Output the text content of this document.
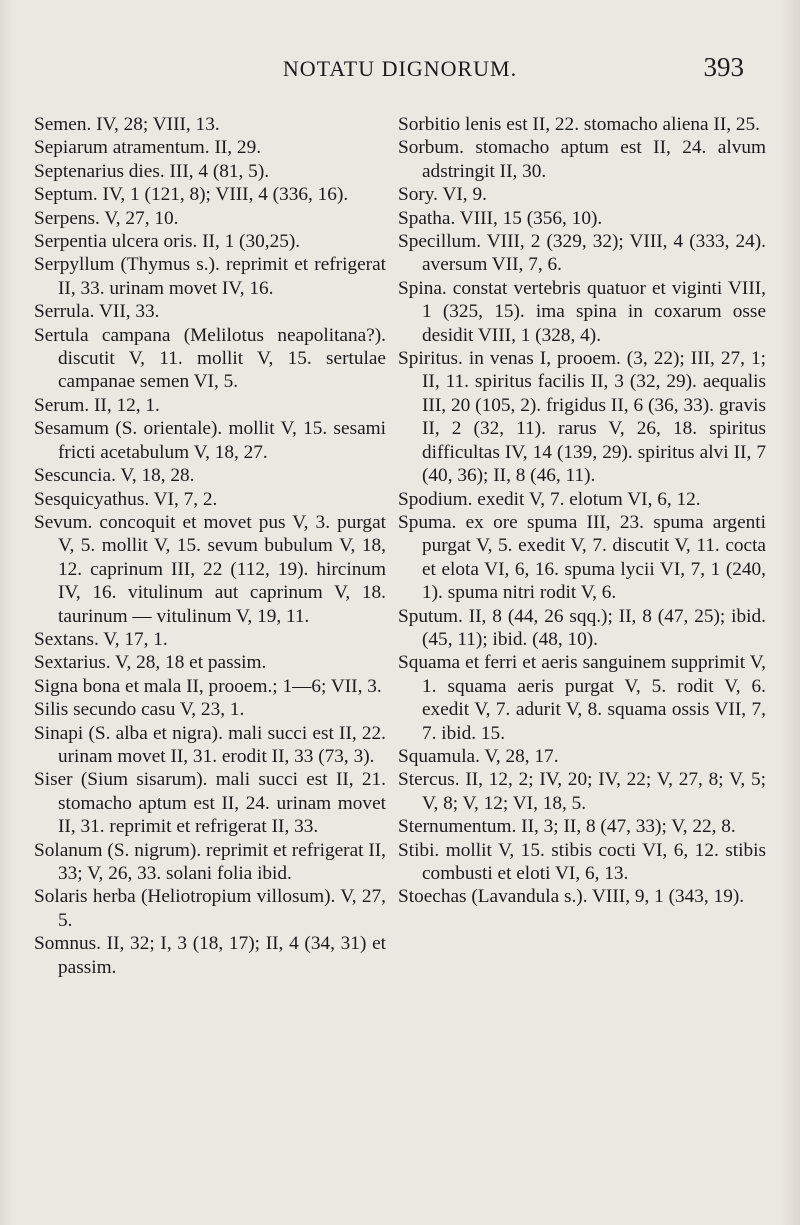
NOTATU DIGNORUM.	393

Semen. IV, 28; VIII, 13.

Sepiarum atramentum. II, 29.

Septenarius dies. III, 4 (81, 5).

Septum. IV, 1 (121, 8); VIII, 4 (336, 16).

Serpens. V, 27, 10.

Serpentia ulcera oris. II, 1 (30,25).

Serpyllum (Thymus s.). reprimit et refrigerat II, 33. urinam movet IV, 16.

Serrula. VII, 33.

Sertula campana (Melilotus neapolitana?). discutit V, 11. mollit V, 15. sertulae campanae semen VI, 5.

Serum. II, 12, 1.

Sesamum (S. orientale). mollit V, 15. sesami fricti acetabulum V, 18, 27.

Sescuncia. V, 18, 28.

Sesquicyathus. VI, 7, 2.

Sevum. concoquit et movet pus V, 3. purgat V, 5. mollit V, 15. sevum bubulum V, 18, 12. caprinum III, 22 (112, 19). hircinum IV, 16. vitulinum aut caprinum V, 18. taurinum — vitulinum V, 19, 11.

Sextans. V, 17, 1.

Sextarius. V, 28, 18 et passim.

Signa bona et mala II, prooem.; 1—6; VII, 3.

Silis secundo casu V, 23, 1.

Sinapi (S. alba et nigra). mali succi est II, 22. urinam movet II, 31. erodit II, 33 (73, 3).

Siser (Sium sisarum). mali succi est II, 21. stomacho aptum est II, 24. urinam movet II, 31. reprimit et refrigerat II, 33.

Solanum (S. nigrum). reprimit et refrigerat II, 33; V, 26, 33. solani folia ibid.

Solaris herba (Heliotropium villosum). V, 27, 5.

Somnus. II, 32; I, 3 (18, 17); II, 4 (34, 31) et passim.

Sorbitio lenis est II, 22. stomacho aliena II, 25.

Sorbum. stomacho aptum est II, 24. alvum adstringit II, 30.

Sory. VI, 9.

Spatha. VIII, 15 (356, 10).

Specillum. VIII, 2 (329, 32); VIII, 4 (333, 24). aversum VII, 7, 6.

Spina. constat vertebris quatuor et viginti VIII, 1 (325, 15). ima spina in coxarum osse desidit VIII, 1 (328, 4).

Spiritus. in venas I, prooem. (3, 22); III, 27, 1; II, 11. spiritus facilis II, 3 (32, 29). aequalis III, 20 (105, 2). frigidus II, 6 (36, 33). gravis II, 2 (32, 11). rarus V, 26, 18. spiritus difficultas IV, 14 (139, 29). spiritus alvi II, 7 (40, 36); II, 8 (46, 11).

Spodium. exedit V, 7. elotum VI, 6, 12.

Spuma. ex ore spuma III, 23. spuma argenti purgat V, 5. exedit V, 7. discutit V, 11. cocta et elota VI, 6, 16. spuma lycii VI, 7, 1 (240, 1). spuma nitri rodit V, 6.

Sputum. II, 8 (44, 26 sqq.); II, 8 (47, 25); ibid. (45, 11); ibid. (48, 10).

Squama et ferri et aeris sanguinem supprimit V, 1. squama aeris purgat V, 5. rodit V, 6. exedit V, 7. adurit V, 8. squama ossis VII, 7, 7. ibid. 15.

Squamula. V, 28, 17.

Stercus. II, 12, 2; IV, 20; IV, 22; V, 27, 8; V, 5; V, 8; V, 12; VI, 18, 5.

Sternumentum. II, 3; II, 8 (47, 33); V, 22, 8.

Stibi. mollit V, 15. stibis cocti VI, 6, 12. stibis combusti et eloti VI, 6, 13.

Stoechas (Lavandula s.). VIII, 9, 1 (343, 19).
